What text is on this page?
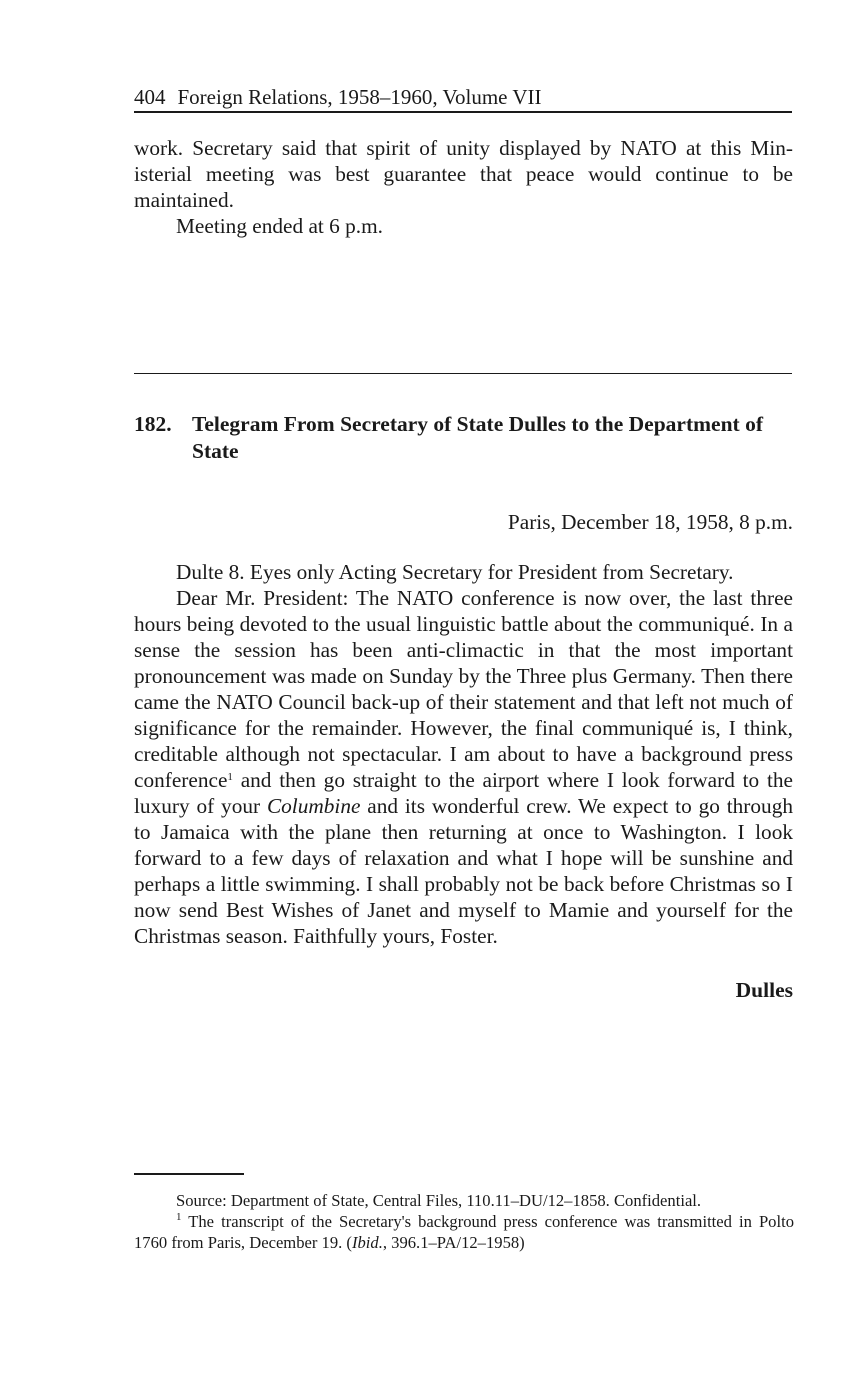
404 Foreign Relations, 1958–1960, Volume VII

work. Secretary said that spirit of unity displayed by NATO at this Ministerial meeting was best guarantee that peace would continue to be maintained.

Meeting ended at 6 p.m.

182. Telegram From Secretary of State Dulles to the Department of State
Paris, December 18, 1958, 8 p.m.

Dulte 8. Eyes only Acting Secretary for President from Secretary.

Dear Mr. President: The NATO conference is now over, the last three hours being devoted to the usual linguistic battle about the communiqué. In a sense the session has been anti-climactic in that the most important pronouncement was made on Sunday by the Three plus Germany. Then there came the NATO Council back-up of their statement and that left not much of significance for the remainder. However, the final communiqué is, I think, creditable although not spectacular. I am about to have a background press conference$^1$ and then go straight to the airport where I look forward to the luxury of your Columbine and its wonderful crew. We expect to go through to Jamaica with the plane then returning at once to Washington. I look forward to a few days of relaxation and what I hope will be sunshine and perhaps a little swimming. I shall probably not be back before Christmas so I now send Best Wishes of Janet and myself to Mamie and yourself for the Christmas season. Faithfully yours, Foster.

Dulles

Source: Department of State, Central Files, 110.11–DU/12–1858. Confidential.

$^1$ The transcript of the Secretary's background press conference was transmitted in Polto 1760 from Paris, December 19. (Ibid., 396.1–PA/12–1958)
